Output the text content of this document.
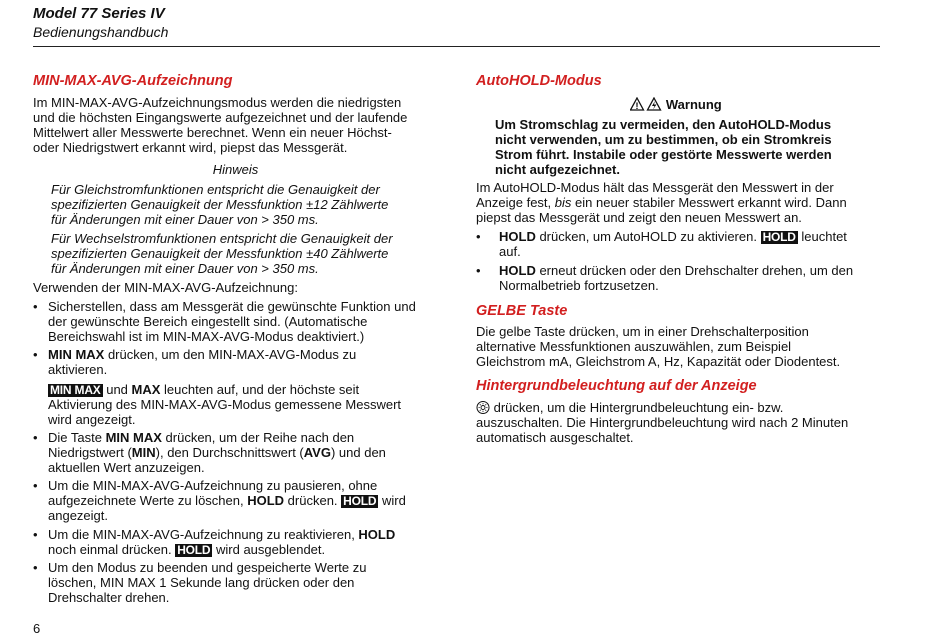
Model 77 Series IV
Bedienungshandbuch
MIN-MAX-AVG-Aufzeichnung
Im MIN-MAX-AVG-Aufzeichnungsmodus werden die niedrigsten
und die höchsten Eingangswerte aufgezeichnet und der laufende
Mittelwert aller Messwerte berechnet. Wenn ein neuer Höchst-
oder Niedrigstwert erkannt wird, piepst das Messgerät.
Hinweis
Für Gleichstromfunktionen entspricht die Genauigkeit der
spezifizierten Genauigkeit der Messfunktion ±12 Zählwerte
für Änderungen mit einer Dauer von > 350 ms.
Für Wechselstromfunktionen entspricht die Genauigkeit der
spezifizierten Genauigkeit der Messfunktion ±40 Zählwerte
für Änderungen mit einer Dauer von > 350 ms.
Verwenden der MIN-MAX-AVG-Aufzeichnung:
• Sicherstellen, dass am Messgerät die gewünschte Funktion und
der gewünschte Bereich eingestellt sind. (Automatische
Bereichswahl ist im MIN-MAX-AVG-Modus deaktiviert.)
• MIN MAX drücken, um den MIN-MAX-AVG-Modus zu
aktivieren.
MIN MAX und MAX leuchten auf, und der höchste seit
Aktivierung des MIN-MAX-AVG-Modus gemessene Messwert
wird angezeigt.
• Die Taste MIN MAX drücken, um der Reihe nach den
Niedrigstwert (MIN), den Durchschnittswert (AVG) und den
aktuellen Wert anzuzeigen.
• Um die MIN-MAX-AVG-Aufzeichnung zu pausieren, ohne
aufgezeichnete Werte zu löschen, HOLD drücken. HOLD wird
angezeigt.
• Um die MIN-MAX-AVG-Aufzeichnung zu reaktivieren, HOLD
noch einmal drücken. HOLD wird ausgeblendet.
• Um den Modus zu beenden und gespeicherte Werte zu
löschen, MIN MAX 1 Sekunde lang drücken oder den
Drehschalter drehen.
AutoHOLD-Modus
! Warnung
Um Stromschlag zu vermeiden, den AutoHOLD-Modus
nicht verwenden, um zu bestimmen, ob ein Stromkreis
Strom führt. Instabile oder gestörte Messwerte werden
nicht aufgezeichnet.
Im AutoHOLD-Modus hält das Messgerät den Messwert in der
Anzeige fest, bis ein neuer stabiler Messwert erkannt wird. Dann
piepst das Messgerät und zeigt den neuen Messwert an.
•	HOLD drücken, um AutoHOLD zu aktivieren. HOLD leuchtet
auf.
•	HOLD erneut drücken oder den Drehschalter drehen, um den
Normalbetrieb fortzusetzen.
GELBE Taste
Die gelbe Taste drücken, um in einer Drehschalterposition
alternative Messfunktionen auszuwählen, zum Beispiel
Gleichstrom mA, Gleichstrom A, Hz, Kapazität oder Diodentest.
Hintergrundbeleuchtung auf der Anzeige
drücken, um die Hintergrundbeleuchtung ein- bzw.
auszuschalten. Die Hintergrundbeleuchtung wird nach 2 Minuten
automatisch ausgeschaltet.
6
